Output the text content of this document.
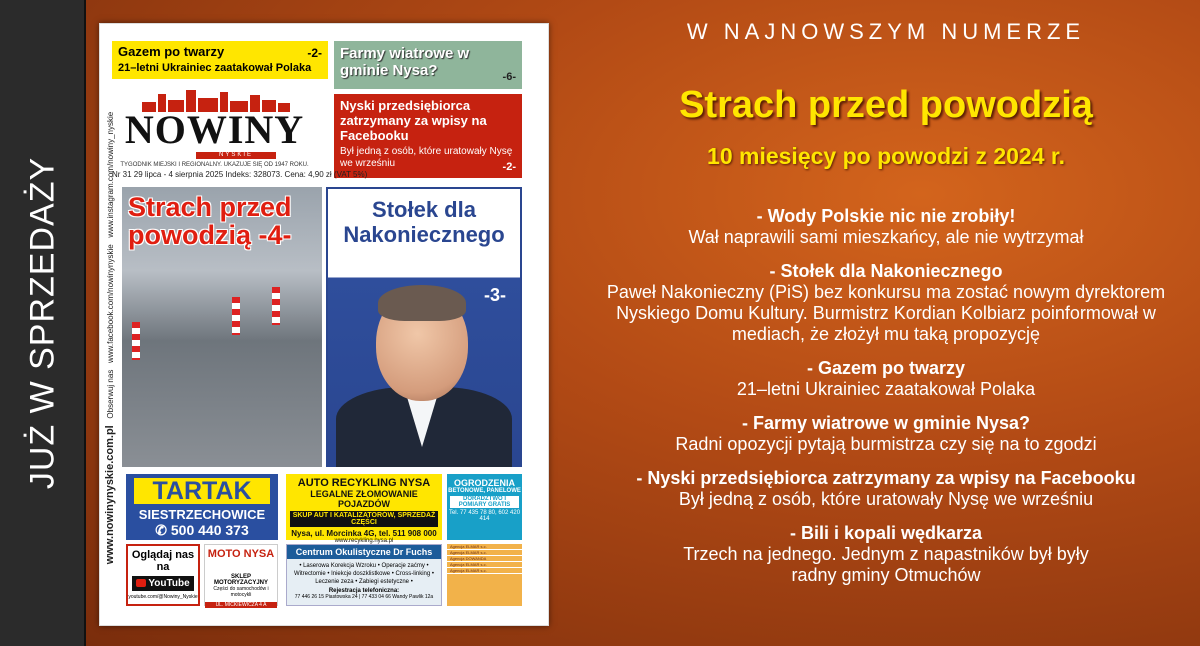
JUŻ W SPRZEDAŻY
www.nowinynyskie.com.pl   Obserwuj nas   www.facebook.com/nowinynyskie   www.instagram.com/nowiny_nyskie
Gazem po twarzy	-2-
21–letni Ukrainiec zaatakował Polaka
Farmy wiatrowe w gminie Nysa?	-6-
Nyski przedsiębiorca zatrzymany za wpisy na Facebooku
Był jedną z osób, które uratowały Nysę we wrześniu	-2-
NOWINY
NYSKIE
TYGODNIK MIEJSKI I REGIONALNY. UKAZUJE SIĘ OD 1947 ROKU.
Nr 31 29 lipca - 4 sierpnia 2025 Indeks: 328073. Cena: 4,90 zł (VAT 5%)
Strach przed powodzią -4-
Stołek dla Nakoniecznego
-3-
TARTAK
SIESTRZECHOWICE
✆ 500 440 373
AUTO RECYKLING NYSA
LEGALNE ZŁOMOWANIE POJAZDÓW
SKUP AUT I KATALIZATORÓW, SPRZEDAŻ CZĘŚCI
Nysa, ul. Morcinka 4G, tel. 511 908 000
www.recykling.nysa.pl
OGRODZENIA
BETONOWE, PANELOWE
DORADZTWO I POMIARY GRATIS
Tel. 77 435 78 80, 602 420 414
Oglądaj nas na
YouTube
youtube.com/@Nowiny_Nyskie
MOTO NYSA
SKLEP MOTORYZACYJNY
Części do samochodów i motocykli
UL. MICKIEWICZA 4 A
Centrum Okulistyczne Dr Fuchs
• Laserowa Korekcja Wzroku • Operacje zaćmy • Witrectomie • Iniekcje doszklistkowe • Cross-linking • Leczenie zeza • Zabiegi estetyczne •
Rejestracja telefoniczna:
77 446 26 15 Piastowska 24 | 77 433 04 66 Wandy Pawlik 12a
Agencja ELMAR s.c.
Agencja ELMAR s.c.
Agencja DOWANDA
Agencja ELMAR s.c.
Agencja ELMAR s.c.
W NAJNOWSZYM NUMERZE
Strach przed powodzią
10 miesięcy po powodzi z 2024 r.
- Wody Polskie nic nie zrobiły!
Wał naprawili sami mieszkańcy, ale nie wytrzymał
- Stołek dla Nakoniecznego
Paweł Nakonieczny (PiS) bez konkursu ma zostać nowym dyrektorem Nyskiego Domu Kultury. Burmistrz Kordian Kolbiarz poinformował w mediach, że złożył mu taką propozycję
- Gazem po twarzy
21–letni Ukrainiec zaatakował Polaka
- Farmy wiatrowe w gminie Nysa?
Radni opozycji pytają burmistrza czy się na to zgodzi
- Nyski przedsiębiorca zatrzymany za wpisy na Facebooku
Był jedną z osób, które uratowały Nysę we wrześniu
- Bili i kopali wędkarza
Trzech na jednego. Jednym z napastników był były radny gminy Otmuchów
